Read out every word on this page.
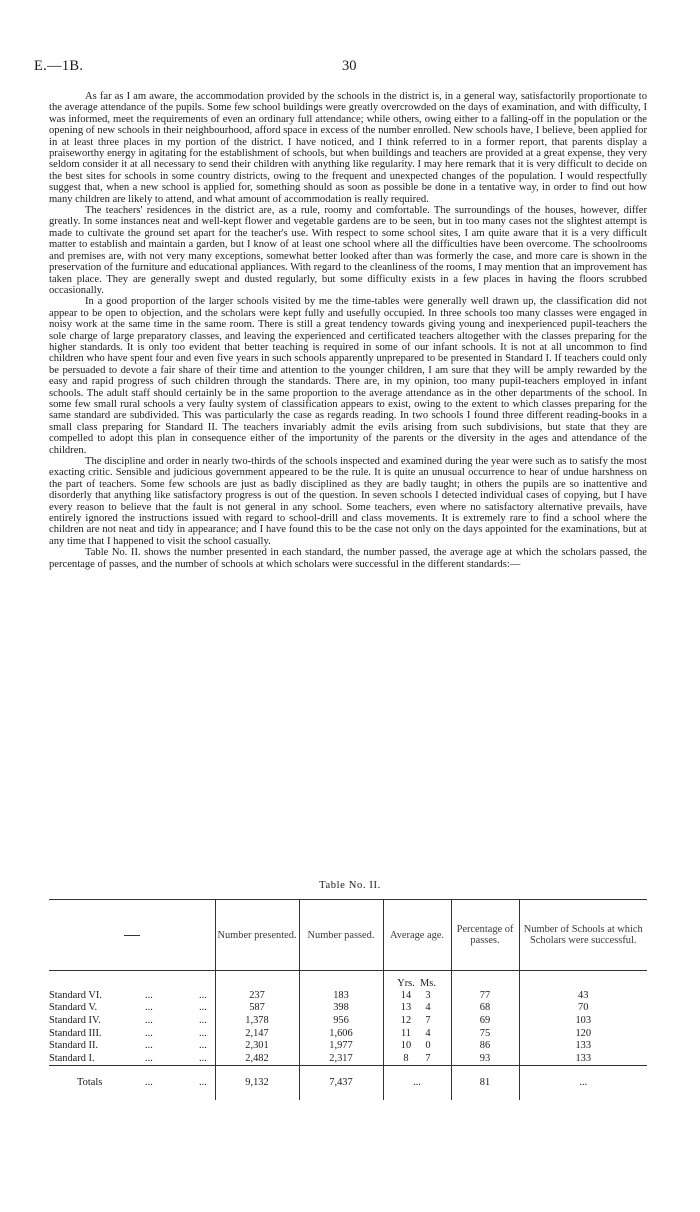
E.—1B.	30

As far as I am aware, the accommodation provided by the schools in the district is, in a general way, satisfactorily proportionate to the average attendance of the pupils. Some few school buildings were greatly overcrowded on the days of examination, and with difficulty, I was informed, meet the requirements of even an ordinary full attendance; while others, owing either to a falling-off in the population or the opening of new schools in their neighbourhood, afford space in excess of the number enrolled. New schools have, I believe, been applied for in at least three places in my portion of the district. I have noticed, and I think referred to in a former report, that parents display a praiseworthy energy in agitating for the establishment of schools, but when buildings and teachers are provided at a great expense, they very seldom consider it at all necessary to send their children with anything like regularity. I may here remark that it is very difficult to decide on the best sites for schools in some country districts, owing to the frequent and unexpected changes of the population. I would respectfully suggest that, when a new school is applied for, something should as soon as possible be done in a tentative way, in order to find out how many children are likely to attend, and what amount of accommodation is really required.

The teachers' residences in the district are, as a rule, roomy and comfortable. The surroundings of the houses, however, differ greatly. In some instances neat and well-kept flower and vegetable gardens are to be seen, but in too many cases not the slightest attempt is made to cultivate the ground set apart for the teacher's use. With respect to some school sites, I am quite aware that it is a very difficult matter to establish and maintain a garden, but I know of at least one school where all the difficulties have been overcome. The schoolrooms and premises are, with not very many exceptions, somewhat better looked after than was formerly the case, and more care is shown in the preservation of the furniture and educational appliances. With regard to the cleanliness of the rooms, I may mention that an improvement has taken place. They are generally swept and dusted regularly, but some difficulty exists in a few places in having the floors scrubbed occasionally.

In a good proportion of the larger schools visited by me the time-tables were generally well drawn up, the classification did not appear to be open to objection, and the scholars were kept fully and usefully occupied. In three schools too many classes were engaged in noisy work at the same time in the same room. There is still a great tendency towards giving young and inexperienced pupil-teachers the sole charge of large preparatory classes, and leaving the experienced and certificated teachers altogether with the classes preparing for the higher standards. It is only too evident that better teaching is required in some of our infant schools. It is not at all uncommon to find children who have spent four and even five years in such schools apparently unprepared to be presented in Standard I. If teachers could only be persuaded to devote a fair share of their time and attention to the younger children, I am sure that they will be amply rewarded by the easy and rapid progress of such children through the standards. There are, in my opinion, too many pupil-teachers employed in infant schools. The adult staff should certainly be in the same proportion to the average attendance as in the other departments of the school. In some few small rural schools a very faulty system of classification appears to exist, owing to the extent to which classes preparing for the same standard are subdivided. This was particularly the case as regards reading. In two schools I found three different reading-books in a small class preparing for Standard II. The teachers invariably admit the evils arising from such subdivisions, but state that they are compelled to adopt this plan in consequence either of the importunity of the parents or the diversity in the ages and attendance of the children.

The discipline and order in nearly two-thirds of the schools inspected and examined during the year were such as to satisfy the most exacting critic. Sensible and judicious government appeared to be the rule. It is quite an unusual occurrence to hear of undue harshness on the part of teachers. Some few schools are just as badly disciplined as they are badly taught; in others the pupils are so inattentive and disorderly that anything like satisfactory progress is out of the question. In seven schools I detected individual cases of copying, but I have every reason to believe that the fault is not general in any school. Some teachers, even where no satisfactory alternative prevails, have entirely ignored the instructions issued with regard to school-drill and class movements. It is extremely rare to find a school where the children are not neat and tidy in appearance; and I have found this to be the case not only on the days appointed for the examinations, but at any time that I happened to visit the school casually.

Table No. II. shows the number presented in each standard, the number passed, the average age at which the scholars passed, the percentage of passes, and the number of schools at which scholars were successful in the different standards:—

Table No. II.
	Number presented.	Number passed.	Average age.	Percentage of passes.	Number of Schools at which Scholars were successful.
			Yrs. Ms.		
Standard VI. ... ...	237	183	14 3	77	43
Standard V. ... ...	587	398	13 4	68	70
Standard IV. ... ...	1,378	956	12 7	69	103
Standard III. ... ...	2,147	1,606	11 4	75	120
Standard II. ... ...	2,301	1,977	10 0	86	133
Standard I. ... ...	2,482	2,317	8 7	93	133
Totals ... ...	9,132	7,437	...	81	...
